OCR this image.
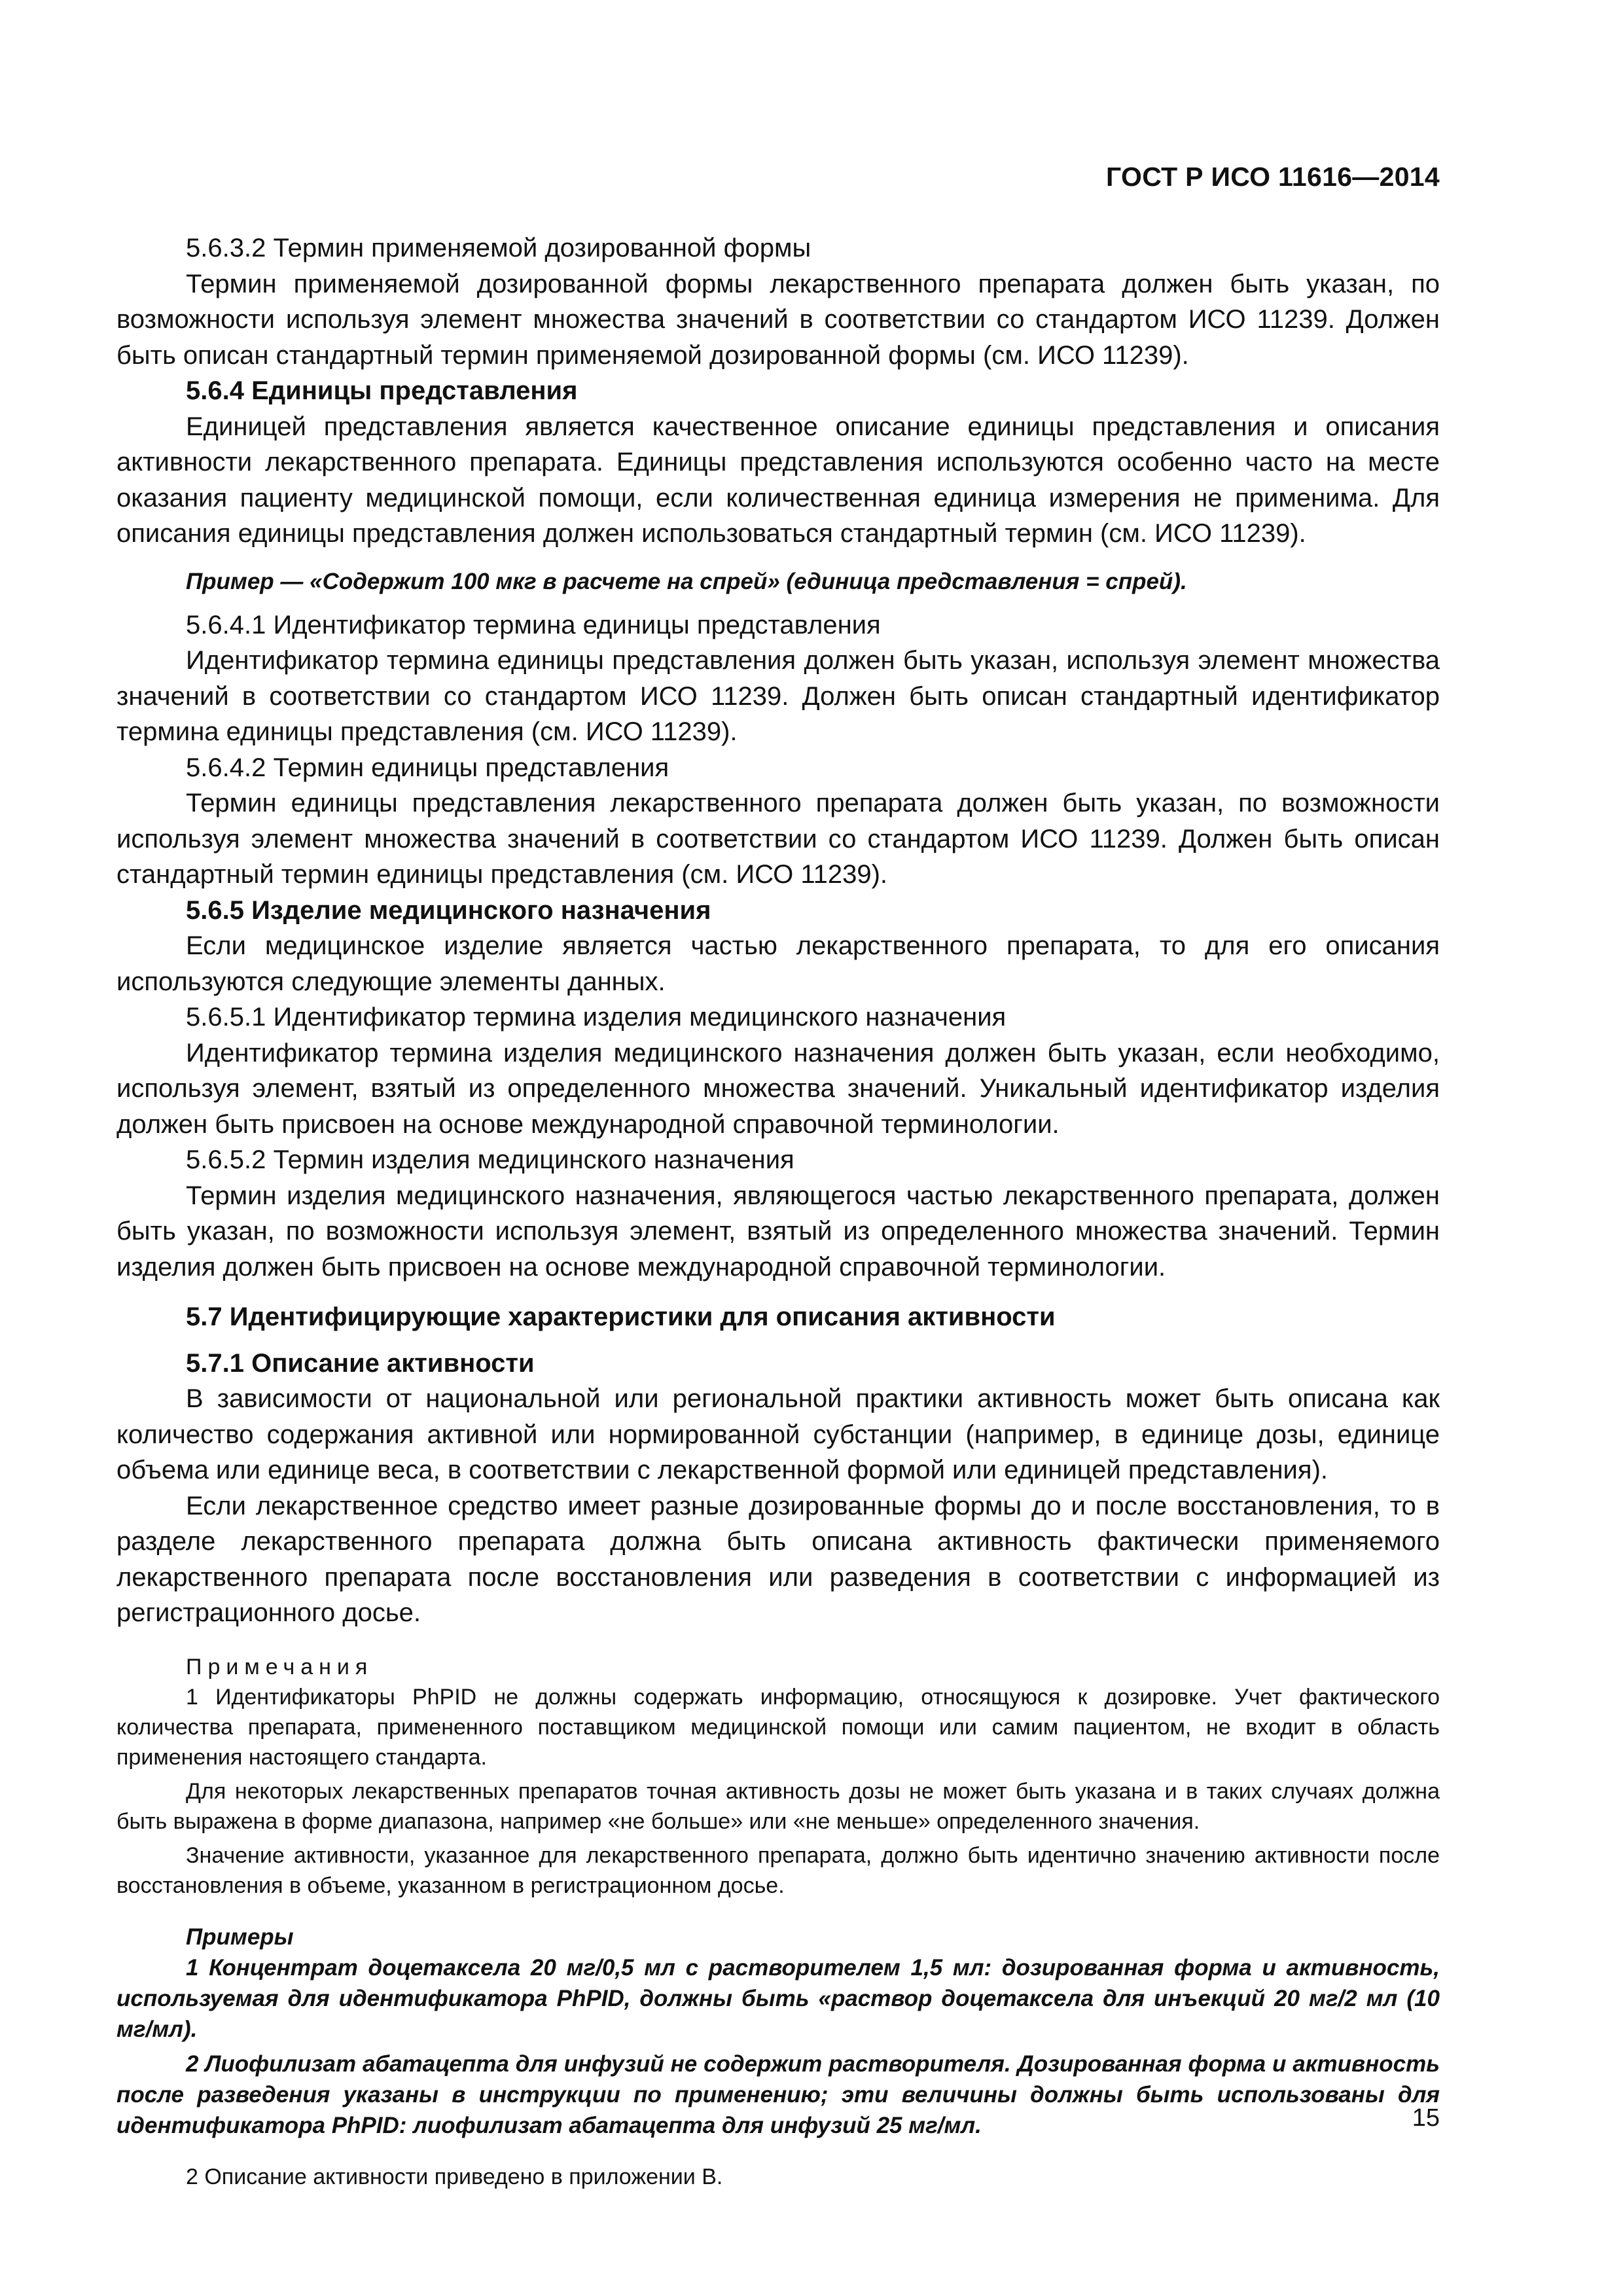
ГОСТ Р ИСО 11616—2014

5.6.3.2 Термин применяемой дозированной формы

Термин применяемой дозированной формы лекарственного препарата должен быть указан, по возможности используя элемент множества значений в соответствии со стандартом ИСО 11239. Должен быть описан стандартный термин применяемой дозированной формы (см. ИСО 11239).

5.6.4 Единицы представления

Единицей представления является качественное описание единицы представления и описания активности лекарственного препарата. Единицы представления используются особенно часто на месте оказания пациенту медицинской помощи, если количественная единица измерения не применима. Для описания единицы представления должен использоваться стандартный термин (см. ИСО 11239).

Пример — «Содержит 100 мкг в расчете на спрей» (единица представления = спрей).

5.6.4.1 Идентификатор термина единицы представления

Идентификатор термина единицы представления должен быть указан, используя элемент множества значений в соответствии со стандартом ИСО 11239. Должен быть описан стандартный идентификатор термина единицы представления (см. ИСО 11239).

5.6.4.2 Термин единицы представления

Термин единицы представления лекарственного препарата должен быть указан, по возможности используя элемент множества значений в соответствии со стандартом ИСО 11239. Должен быть описан стандартный термин единицы представления (см. ИСО 11239).

5.6.5 Изделие медицинского назначения

Если медицинское изделие является частью лекарственного препарата, то для его описания используются следующие элементы данных.

5.6.5.1 Идентификатор термина изделия медицинского назначения

Идентификатор термина изделия медицинского назначения должен быть указан, если необходимо, используя элемент, взятый из определенного множества значений. Уникальный идентификатор изделия должен быть присвоен на основе международной справочной терминологии.

5.6.5.2 Термин изделия медицинского назначения

Термин изделия медицинского назначения, являющегося частью лекарственного препарата, должен быть указан, по возможности используя элемент, взятый из определенного множества значений. Термин изделия должен быть присвоен на основе международной справочной терминологии.

5.7 Идентифицирующие характеристики для описания активности

5.7.1 Описание активности

В зависимости от национальной или региональной практики активность может быть описана как количество содержания активной или нормированной субстанции (например, в единице дозы, единице объема или единице веса, в соответствии с лекарственной формой или единицей представления).

Если лекарственное средство имеет разные дозированные формы до и после восстановления, то в разделе лекарственного препарата должна быть описана активность фактически применяемого лекарственного препарата после восстановления или разведения в соответствии с информацией из регистрационного досье.

Примечания

1 Идентификаторы PhPID не должны содержать информацию, относящуюся к дозировке. Учет фактического количества препарата, примененного поставщиком медицинской помощи или самим пациентом, не входит в область применения настоящего стандарта.

Для некоторых лекарственных препаратов точная активность дозы не может быть указана и в таких случаях должна быть выражена в форме диапазона, например «не больше» или «не меньше» определенного значения.

Значение активности, указанное для лекарственного препарата, должно быть идентично значению активности после восстановления в объеме, указанном в регистрационном досье.

Примеры

1 Концентрат доцетаксела 20 мг/0,5 мл с растворителем 1,5 мл: дозированная форма и активность, используемая для идентификатора PhPID, должны быть «раствор доцетаксела для инъекций 20 мг/2 мл (10 мг/мл).

2 Лиофилизат абатацепта для инфузий не содержит растворителя. Дозированная форма и активность после разведения указаны в инструкции по применению; эти величины должны быть использованы для идентификатора PhPID: лиофилизат абатацепта для инфузий 25 мг/мл.

2 Описание активности приведено в приложении В.

15
